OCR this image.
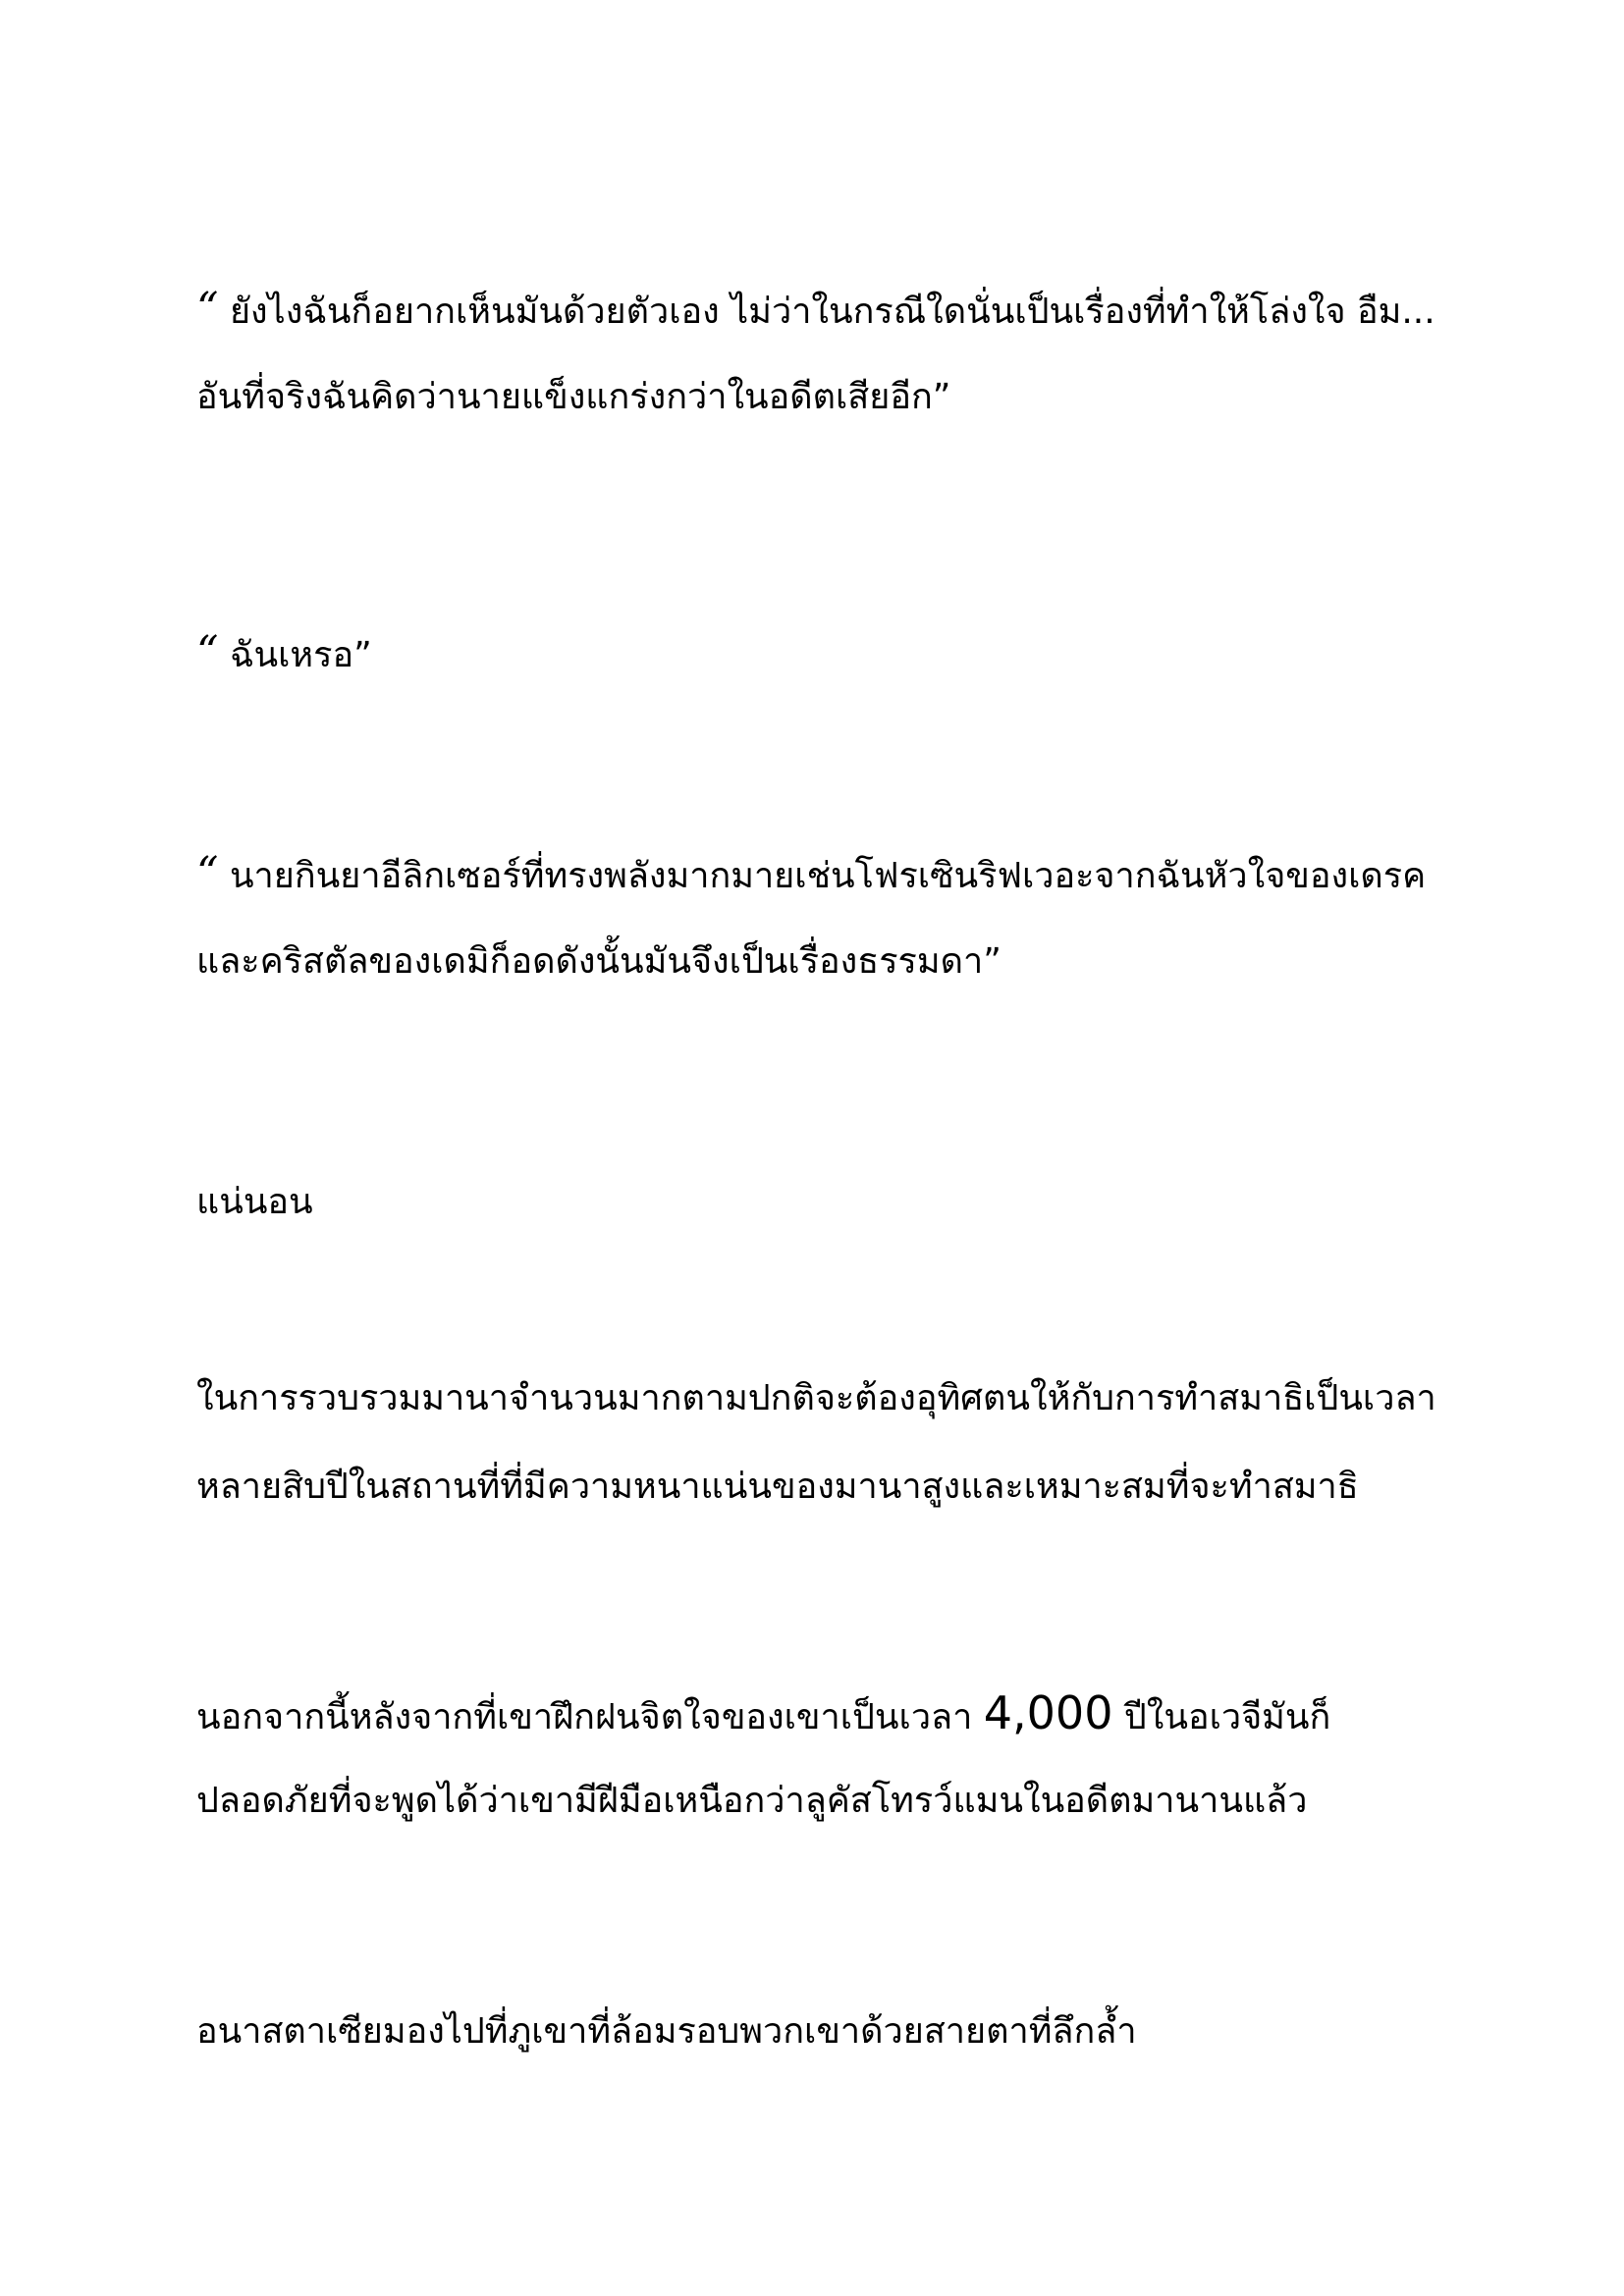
“ ยังไงฉันก็อยากเห็นมันด้วยตัวเอง ไม่ว่าในกรณีใดนั่นเป็นเรื่องที่ทำให้โล่งใจ อืม...
อันที่จริงฉันคิดว่านายแข็งแกร่งกว่าในอดีตเสียอีก”

“ ฉันเหรอ”

“ นายกินยาอีลิกเซอร์ที่ทรงพลังมากมายเช่นโฟรเซินริฟเวอะจากฉันหัวใจของเดรค
และคริสตัลของเดมิก็อดดังนั้นมันจึงเป็นเรื่องธรรมดา”

แน่นอน

ในการรวบรวมมานาจำนวนมากตามปกติจะต้องอุทิศตนให้กับการทำสมาธิเป็นเวลา
หลายสิบปีในสถานที่ที่มีความหนาแน่นของมานาสูงและเหมาะสมที่จะทำสมาธิ

นอกจากนี้หลังจากที่เขาฝึกฝนจิตใจของเขาเป็นเวลา 4,000 ปีในอเวจีมันก็
ปลอดภัยที่จะพูดได้ว่าเขามีฝีมือเหนือกว่าลูคัสโทรว์แมนในอดีตมานานแล้ว

อนาสตาเซียมองไปที่ภูเขาที่ล้อมรอบพวกเขาด้วยสายตาที่ลึกล้ำ
